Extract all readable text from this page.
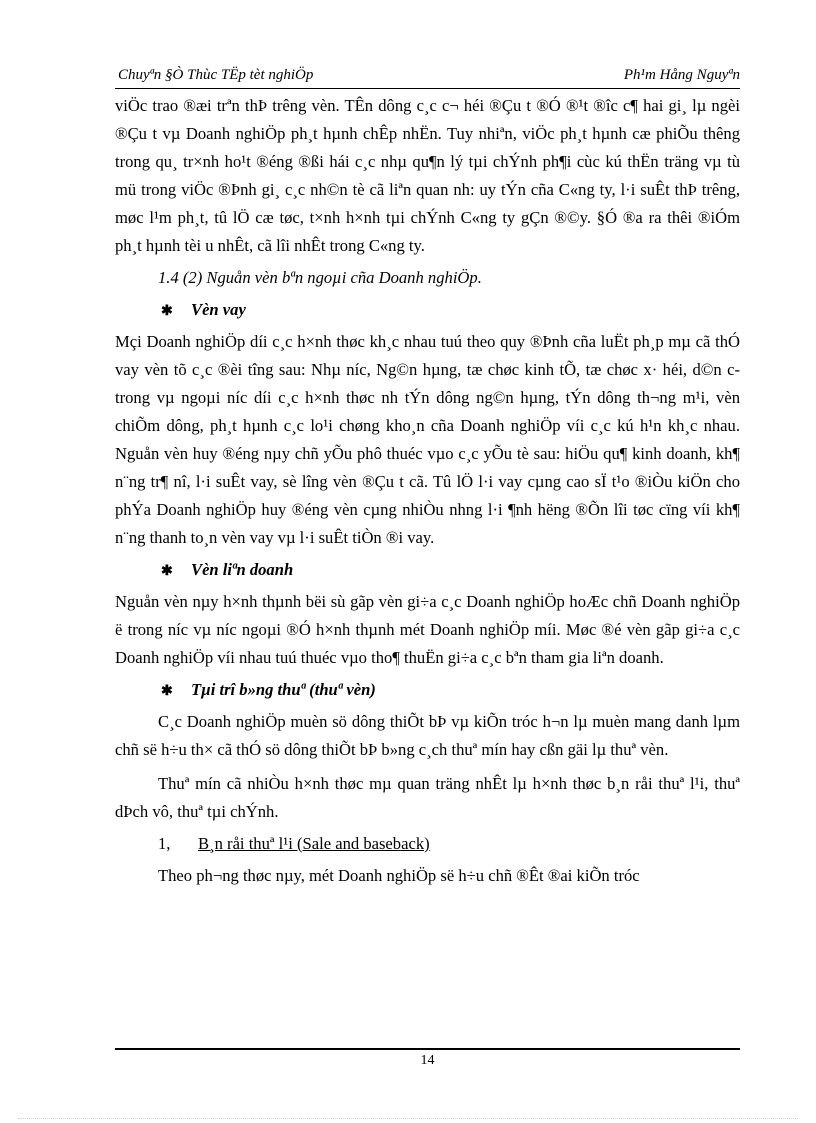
Chuyªn §Ò Thùc TËp tèt nghiÖp	Ph¹m Hång Nguyªn

viÖc trao ®æi trªn thÞ trêng vèn. TÊn dông c¸c c¬ héi ®Çu t ®Ó ®¹t ®îc c¶ hai gi¸ lµ ngèi ®Çu t vµ Doanh nghiÖp ph¸t hµnh chÊp nhËn. Tuy nhiªn, viÖc ph¸t hµnh cæ phiÕu thêng trong qu¸ tr×nh ho¹t ®éng ®ßi hái c¸c nhµ qu¶n lý tµi chÝnh ph¶i cùc kú thËn träng vµ tù mü trong viÖc ®Þnh gi¸ c¸c nh©n tè cã liªn quan nh: uy tÝn cña C«ng ty, l·i suÊt thÞ trêng, møc l¹m ph¸t, tû lÖ cæ tøc, t×nh h×nh tµi chÝnh C«ng ty gÇn ®©y. §Ó ®a ra thêi ®iÓm ph¸t hµnh tèi u nhÊt, cã lîi nhÊt trong C«ng ty.

1.4 (2) Nguån vèn bªn ngoµi cña Doanh nghiÖp.

✱ Vèn vay

Mçi Doanh nghiÖp díi c¸c h×nh thøc kh¸c nhau tuú theo quy ®Þnh cña luËt ph¸p mµ cã thÓ vay vèn tõ c¸c ®èi tîng sau: Nhµ níc, Ng©n hµng, tæ chøc kinh tÕ, tæ chøc x· héi, d©n c trong vµ ngoµi níc díi c¸c h×nh thøc nh tÝn dông ng©n hµng, tÝn dông th¬ng m¹i, vèn chiÕm dông, ph¸t hµnh c¸c lo¹i chøng kho¸n cña Doanh nghiÖp víi c¸c kú h¹n kh¸c nhau. Nguån vèn huy ®éng nµy chñ yÕu phô thuéc vµo c¸c yÕu tè sau: hiÖu qu¶ kinh doanh, kh¶ n¨ng tr¶ nî, l·i suÊt vay, sè lîng vèn ®Çu t cã. Tû lÖ l·i vay cµng cao sÏ t¹o ®iÒu kiÖn cho phÝa Doanh nghiÖp huy ®éng vèn cµng nhiÒu nhng l·i ¶nh hëng ®Õn lîi tøc cïng víi kh¶ n¨ng thanh to¸n vèn vay vµ l·i suÊt tiÒn ®i vay.

✱ Vèn liªn doanh

Nguån vèn nµy h×nh thµnh bëi sù gãp vèn gi÷a c¸c Doanh nghiÖp hoÆc chñ Doanh nghiÖp ë trong níc vµ níc ngoµi ®Ó h×nh thµnh mét Doanh nghiÖp míi. Møc ®é vèn gãp gi÷a c¸c Doanh nghiÖp víi nhau tuú thuéc vµo tho¶ thuËn gi÷a c¸c bªn tham gia liªn doanh.

✱ Tµi trî b»ng thuª (thuª vèn)

C¸c Doanh nghiÖp muèn sö dông thiÕt bÞ vµ kiÕn tróc h¬n lµ muèn mang danh lµm chñ së h÷u th× cã thÓ sö dông thiÕt bÞ b»ng c¸ch thuª mín hay cßn gäi lµ thuª vèn.

Thuª mín cã nhiÒu h×nh thøc mµ quan träng nhÊt lµ h×nh thøc b¸n råi thuª l¹i, thuª dÞch vô, thuª tµi chÝnh.

1, B¸n råi thuª l¹i (Sale and baseback)

Theo ph¬ng thøc nµy, mét Doanh nghiÖp së h÷u chñ ®Êt ®ai kiÕn tróc

14
